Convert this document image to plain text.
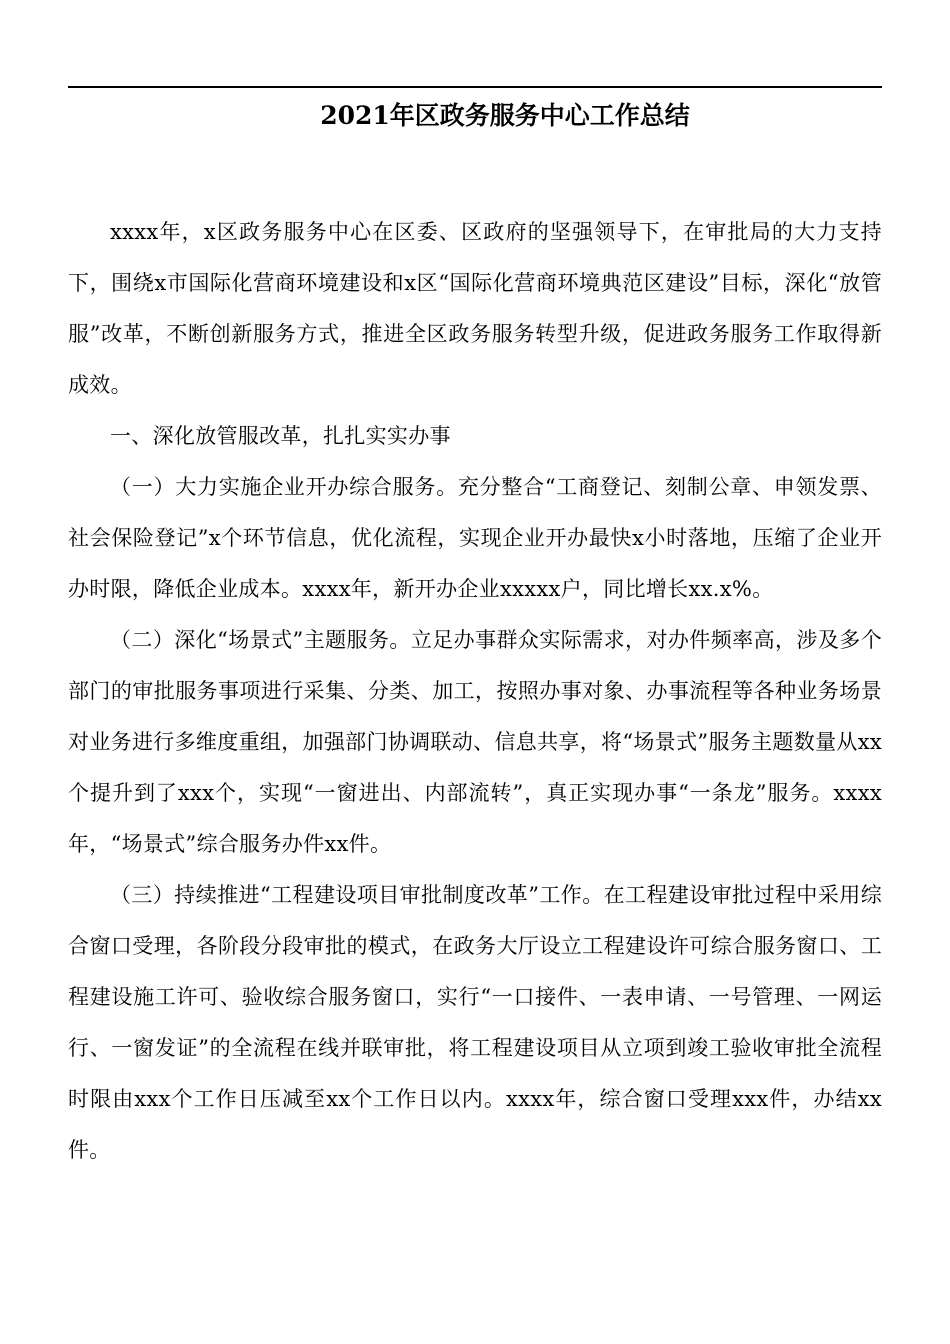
2021年区政务服务中心工作总结

xxxx年，x区政务服务中心在区委、区政府的坚强领导下，在审批局的大力支持下，围绕x市国际化营商环境建设和x区“国际化营商环境典范区建设”目标，深化“放管服”改革，不断创新服务方式，推进全区政务服务转型升级，促进政务服务工作取得新成效。

一、深化放管服改革，扎扎实实办事

（一）大力实施企业开办综合服务。充分整合“工商登记、刻制公章、申领发票、社会保险登记”x个环节信息，优化流程，实现企业开办最快x小时落地，压缩了企业开办时限，降低企业成本。xxxx年，新开办企业xxxxx户，同比增长xx.x%。

（二）深化“场景式”主题服务。立足办事群众实际需求，对办件频率高，涉及多个部门的审批服务事项进行采集、分类、加工，按照办事对象、办事流程等各种业务场景对业务进行多维度重组，加强部门协调联动、信息共享，将“场景式”服务主题数量从xx个提升到了xxx个，实现“一窗进出、内部流转”，真正实现办事“一条龙”服务。xxxx年，“场景式”综合服务办件xx件。

（三）持续推进“工程建设项目审批制度改革”工作。在工程建设审批过程中采用综合窗口受理，各阶段分段审批的模式，在政务大厅设立工程建设许可综合服务窗口、工程建设施工许可、验收综合服务窗口，实行“一口接件、一表申请、一号管理、一网运行、一窗发证”的全流程在线并联审批，将工程建设项目从立项到竣工验收审批全流程时限由xxx个工作日压减至xx个工作日以内。xxxx年，综合窗口受理xxx件，办结xx件。
